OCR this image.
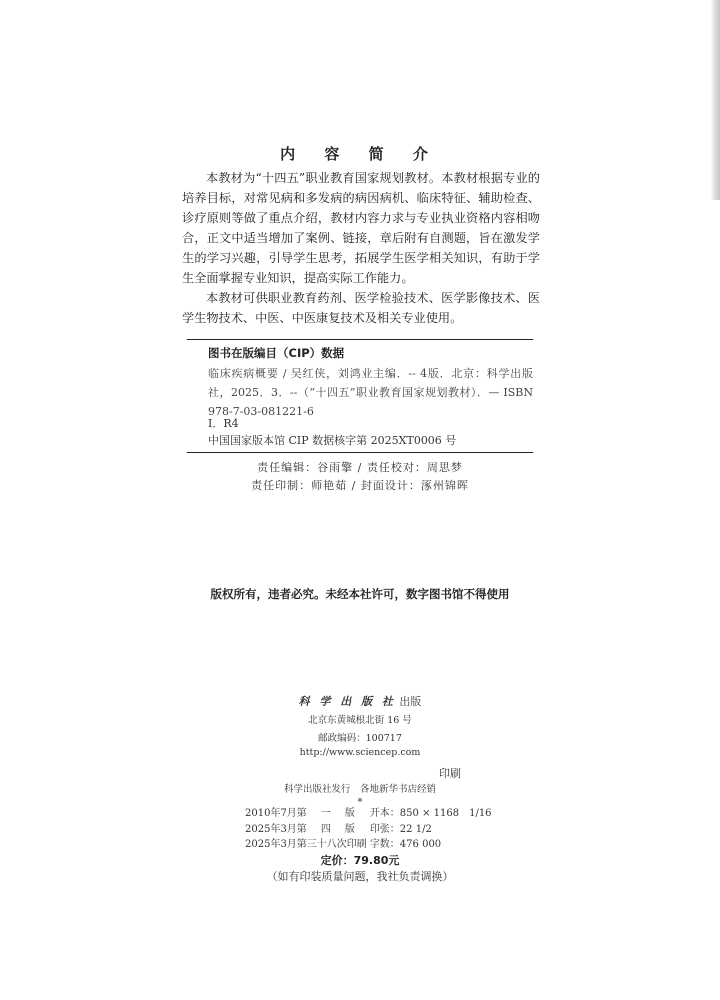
内 容 简 介

本教材为“十四五”职业教育国家规划教材。本教材根据专业的培养目标，对常见病和多发病的病因病机、临床特征、辅助检查、诊疗原则等做了重点介绍，教材内容力求与专业执业资格内容相吻合，正文中适当增加了案例、链接，章后附有自测题，旨在激发学生的学习兴趣，引导学生思考，拓展学生医学相关知识，有助于学生全面掌握专业知识，提高实际工作能力。

本教材可供职业教育药剂、医学检验技术、医学影像技术、医学生物技术、中医、中医康复技术及相关专业使用。

图书在版编目（CIP）数据
临床疾病概要 / 吴红侠，刘鸿业主编．-- 4版．北京：科学出版社，2025．3．--（“十四五”职业教育国家规划教材）．— ISBN 978-7-03-081221-6
Ⅰ．R4
中国国家版本馆 CIP 数据核字第 2025XT0006 号
责任编辑：谷雨擎 / 责任校对：周思梦
责任印制：师艳茹 / 封面设计：涿州锦晖
版权所有，违者必究。未经本社许可，数字图书馆不得使用
科 学 出 版 社 出版
北京东黄城根北街 16 号
邮政编码：100717
http://www.sciencep.com
印刷
科学出版社发行　各地新华书店经销
*
2010年7月第	一	版	开本：850 × 1168　1/16
2025年3月第	四	版	印张：22 1/2
2025年3月第三十八次印刷			字数：476 000
定价：79.80元
（如有印装质量问题，我社负责调换）
